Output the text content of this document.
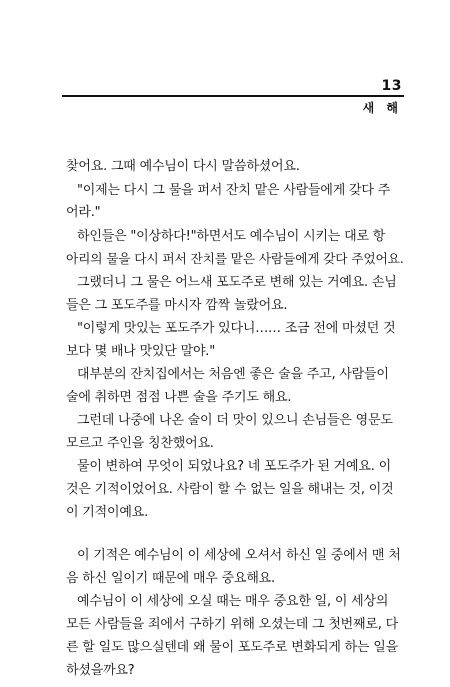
13
새 해
찾어요. 그때 예수님이 다시 말씀하셨어요.
"이제는 다시 그 물을 퍼서 잔치 맡은 사람들에게 갖다 주
어라."
하인들은 "이상하다!"하면서도 예수님이 시키는 대로 항
아리의 물을 다시 퍼서 잔치를 맡은 사람들에게 갖다 주었어요.
그랬더니 그 물은 어느새 포도주로 변해 있는 거예요. 손님
들은 그 포도주를 마시자 깜짝 놀랐어요.
"이렇게 맛있는 포도주가 있다니…… 조금 전에 마셨던 것
보다 몇 배나 맛있단 말야."
대부분의 잔치집에서는 처음엔 좋은 술을 주고, 사람들이
술에 취하면 점점 나쁜 술을 주기도 해요.
그런데 나중에 나온 술이 더 맛이 있으니 손님들은 영문도
모르고 주인을 칭찬했어요.
물이 변하여 무엇이 되었나요? 네 포도주가 된 거예요. 이
것은 기적이었어요. 사람이 할 수 없는 일을 해내는 것, 이것
이 기적이예요.
이 기적은 예수님이 이 세상에 오셔서 하신 일 중에서 맨 처
음 하신 일이기 때문에 매우 중요해요.
예수님이 이 세상에 오실 때는 매우 중요한 일, 이 세상의
모든 사람들을 죄에서 구하기 위해 오셨는데 그 첫번째로, 다
른 할 일도 많으실텐데 왜 물이 포도주로 변화되게 하는 일을
하셨을까요?
